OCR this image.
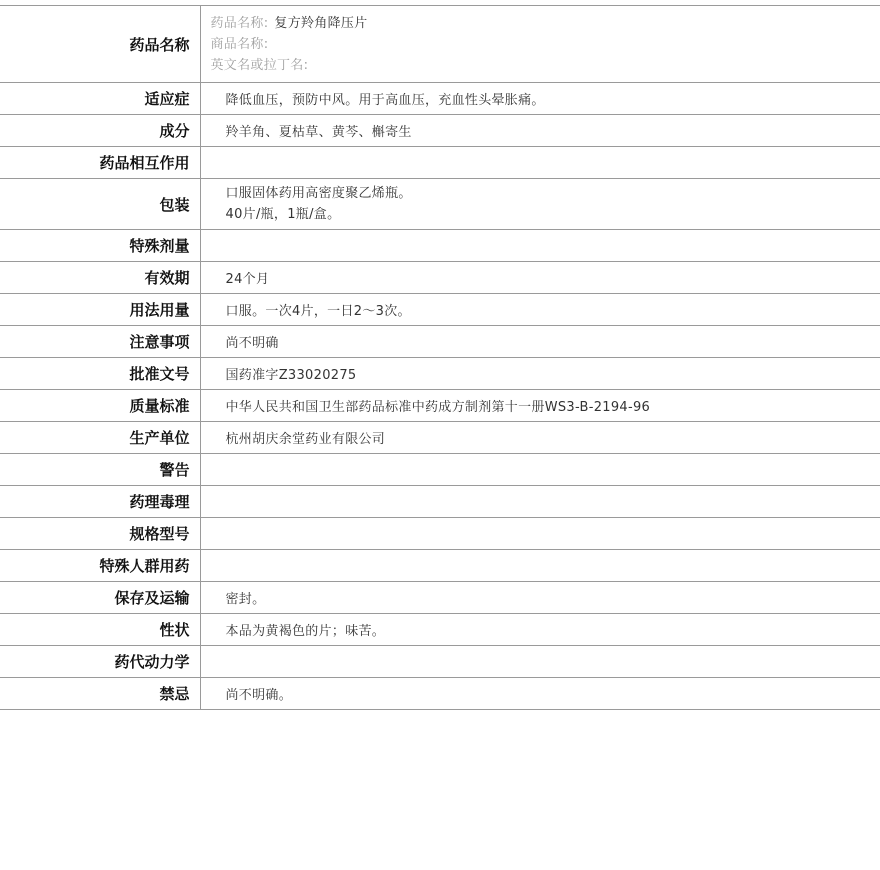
药品名称	药品名称: 复方羚角降压片
商品名称:
英文名或拉丁名:

适应症	降低血压，预防中风。用于高血压，充血性头晕胀痛。
成分	羚羊角、夏枯草、黄芩、槲寄生
药品相互作用	
包装	口服固体药用高密度聚乙烯瓶。
40片/瓶，1瓶/盒。

特殊剂量	
有效期	24个月
用法用量	口服。一次4片，一日2～3次。
注意事项	尚不明确
批准文号	国药准字Z33020275
质量标准	中华人民共和国卫生部药品标准中药成方制剂第十一册WS3-B-2194-96
生产单位	杭州胡庆余堂药业有限公司
警告	
药理毒理	
规格型号	
特殊人群用药	
保存及运输	密封。
性状	本品为黄褐色的片；味苦。
药代动力学	
禁忌	尚不明确。
